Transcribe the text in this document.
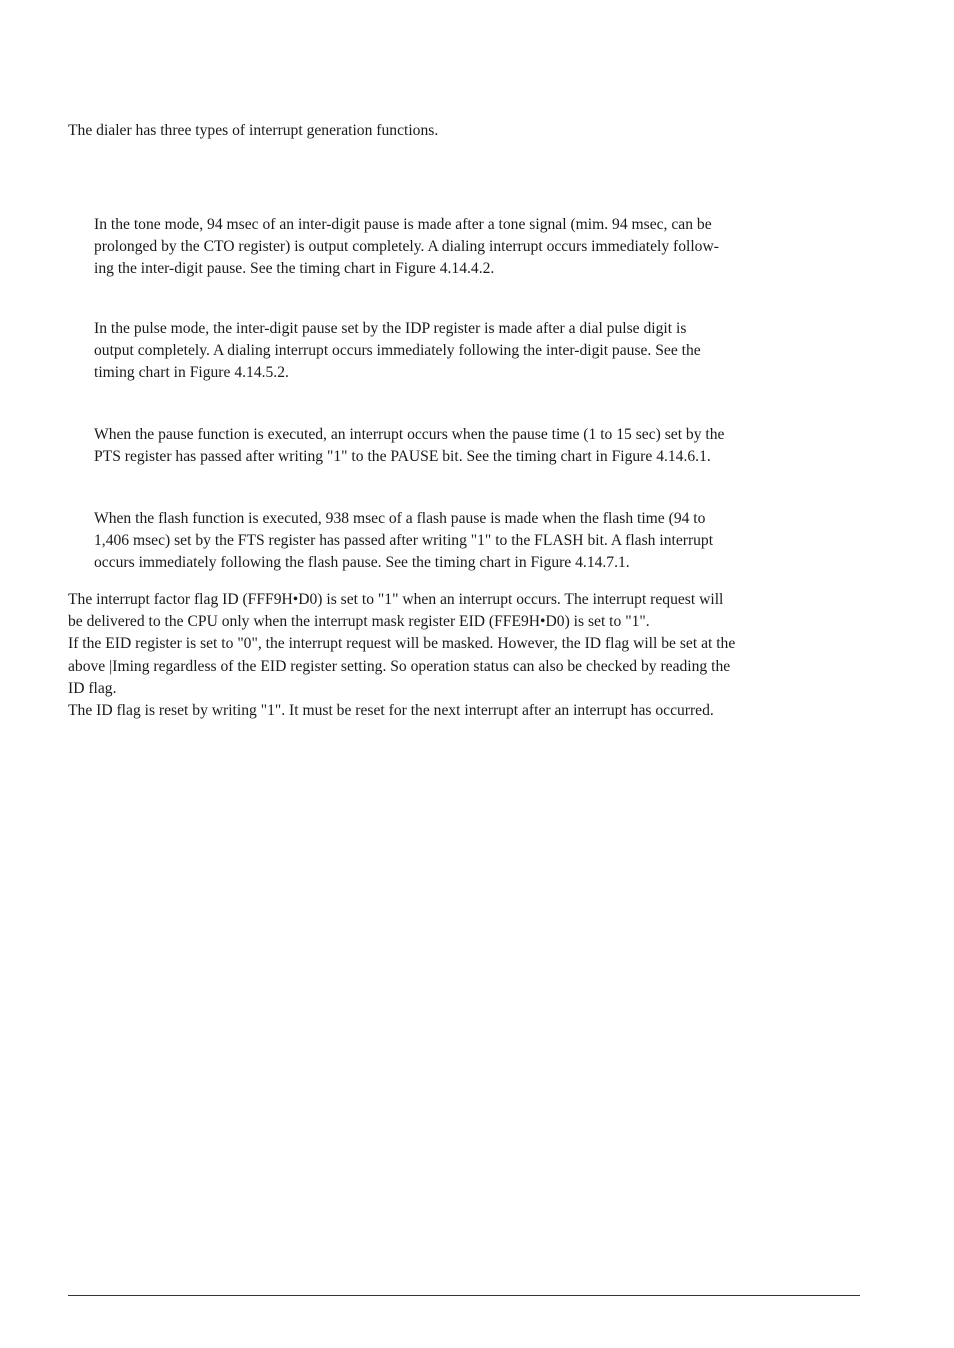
The dialer has three types of interrupt generation functions.

In the tone mode, 94 msec of an inter-digit pause is made after a tone signal (mim. 94 msec, can be

prolonged by the CTO register) is output completely. A dialing interrupt occurs immediately follow-

ing the inter-digit pause. See the timing chart in Figure 4.14.4.2.

In the pulse mode, the inter-digit pause set by the IDP register is made after a dial pulse digit is

output completely. A dialing interrupt occurs immediately following the inter-digit pause. See the

timing chart in Figure 4.14.5.2.

When the pause function is executed, an interrupt occurs when the pause time (1 to 15 sec) set by the

PTS register has passed after writing "1" to the PAUSE bit. See the timing chart in Figure 4.14.6.1.

When the flash function is executed, 938 msec of a flash pause is made when the flash time (94 to

1,406 msec) set by the FTS register has passed after writing "1" to the FLASH bit. A flash interrupt

occurs immediately following the flash pause. See the timing chart in Figure 4.14.7.1.

The interrupt factor flag ID (FFF9H•D0) is set to "1" when an interrupt occurs. The interrupt request will

be delivered to the CPU only when the interrupt mask register EID (FFE9H•D0) is set to "1".

If the EID register is set to "0", the interrupt request will be masked. However, the ID flag will be set at the

above |Iming regardless of the EID register setting. So operation status can also be checked by reading the

ID flag.

The ID flag is reset by writing "1". It must be reset for the next interrupt after an interrupt has occurred.
